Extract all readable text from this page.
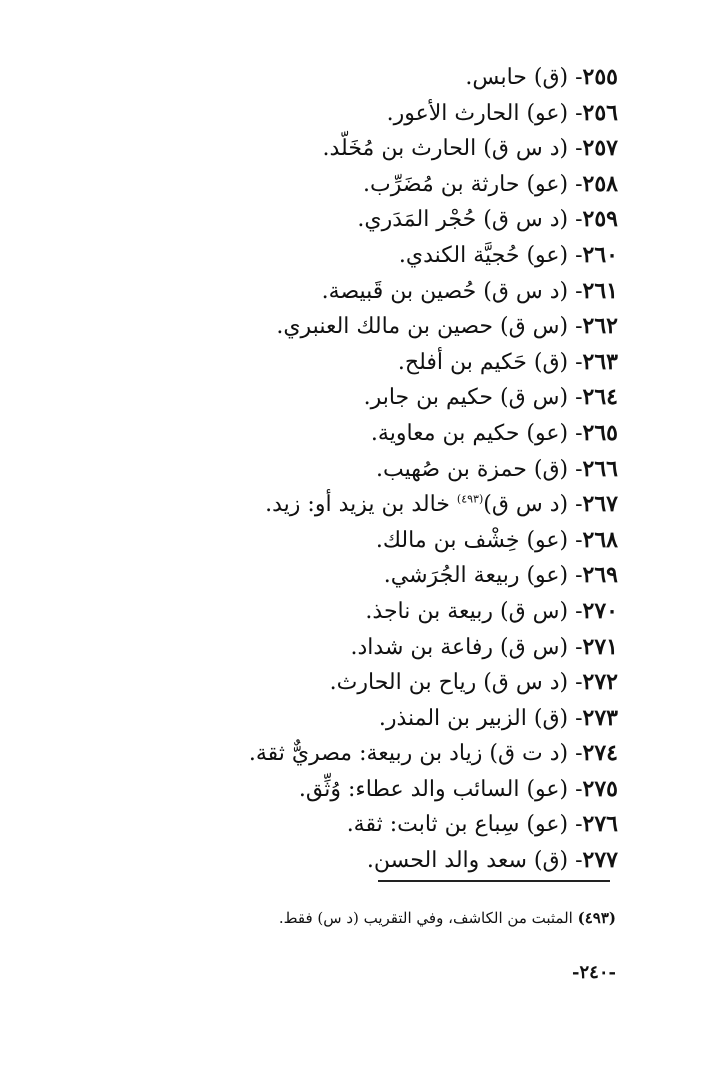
٢٥٥- (ق) حابس.
٢٥٦- (عو) الحارث الأعور.
٢٥٧- (د س ق) الحارث بن مُخَلّد.
٢٥٨- (عو) حارثة بن مُضَرِّب.
٢٥٩- (د س ق) حُجْر المَدَري.
٢٦٠- (عو) حُجيَّة الكندي.
٢٦١- (د س ق) حُصين بن قَبيصة.
٢٦٢- (س ق) حصين بن مالك العنبري.
٢٦٣- (ق) حَكيم بن أفلح.
٢٦٤- (س ق) حكيم بن جابر.
٢٦٥- (عو) حكيم بن معاوية.
٢٦٦- (ق) حمزة بن صُهيب.
٢٦٧- (د س ق)$^{(٤٩٣)}$ خالد بن يزيد أو: زيد.
٢٦٨- (عو) خِشْف بن مالك.
٢٦٩- (عو) ربيعة الجُرَشي.
٢٧٠- (س ق) ربيعة بن ناجذ.
٢٧١- (س ق) رفاعة بن شداد.
٢٧٢- (د س ق) رياح بن الحارث.
٢٧٣- (ق) الزبير بن المنذر.
٢٧٤- (د ت ق) زياد بن ربيعة: مصريٌّ ثقة.
٢٧٥- (عو) السائب والد عطاء: وُثِّق.
٢٧٦- (عو) سِباع بن ثابت: ثقة.
٢٧٧- (ق) سعد والد الحسن.
(٤٩٣) المثبت من الكاشف، وفي التقريب (د س) فقط.
-٢٤٠-
